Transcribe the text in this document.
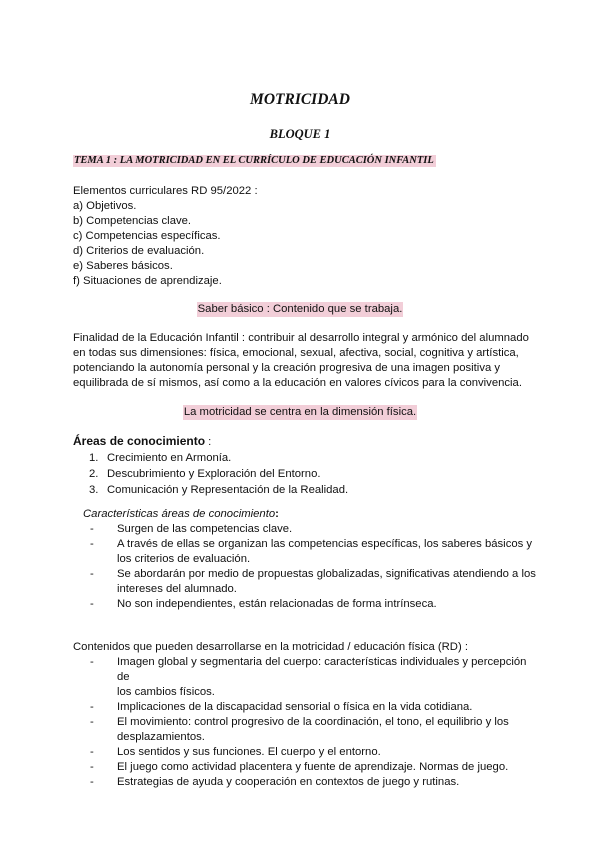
MOTRICIDAD
BLOQUE 1
TEMA 1 : LA MOTRICIDAD EN EL CURRÍCULO DE EDUCACIÓN INFANTIL
Elementos curriculares RD 95/2022 :
a) Objetivos.
b) Competencias clave.
c) Competencias específicas.
d) Criterios de evaluación.
e) Saberes básicos.
f) Situaciones de aprendizaje.
Saber básico : Contenido que se trabaja.
Finalidad de la Educación Infantil : contribuir al desarrollo integral y armónico del alumnado
en todas sus dimensiones: física, emocional, sexual, afectiva, social, cognitiva y artística,
potenciando la autonomía personal y la creación progresiva de una imagen positiva y
equilibrada de sí mismos, así como a la educación en valores cívicos para la convivencia.
La motricidad se centra en la dimensión física.
Áreas de conocimiento :
1. Crecimiento en Armonía.
2. Descubrimiento y Exploración del Entorno.
3. Comunicación y Representación de la Realidad.
Características áreas de conocimiento:
- Surgen de las competencias clave.
- A través de ellas se organizan las competencias específicas, los saberes básicos y
los criterios de evaluación.
- Se abordarán por medio de propuestas globalizadas, significativas atendiendo a los
intereses del alumnado.
- No son independientes, están relacionadas de forma intrínseca.
Contenidos que pueden desarrollarse en la motricidad / educación física (RD) :
- Imagen global y segmentaria del cuerpo: características individuales y percepción de
los cambios físicos.
- Implicaciones de la discapacidad sensorial o física en la vida cotidiana.
- El movimiento: control progresivo de la coordinación, el tono, el equilibrio y los
desplazamientos.
- Los sentidos y sus funciones. El cuerpo y el entorno.
- El juego como actividad placentera y fuente de aprendizaje. Normas de juego.
- Estrategias de ayuda y cooperación en contextos de juego y rutinas.
